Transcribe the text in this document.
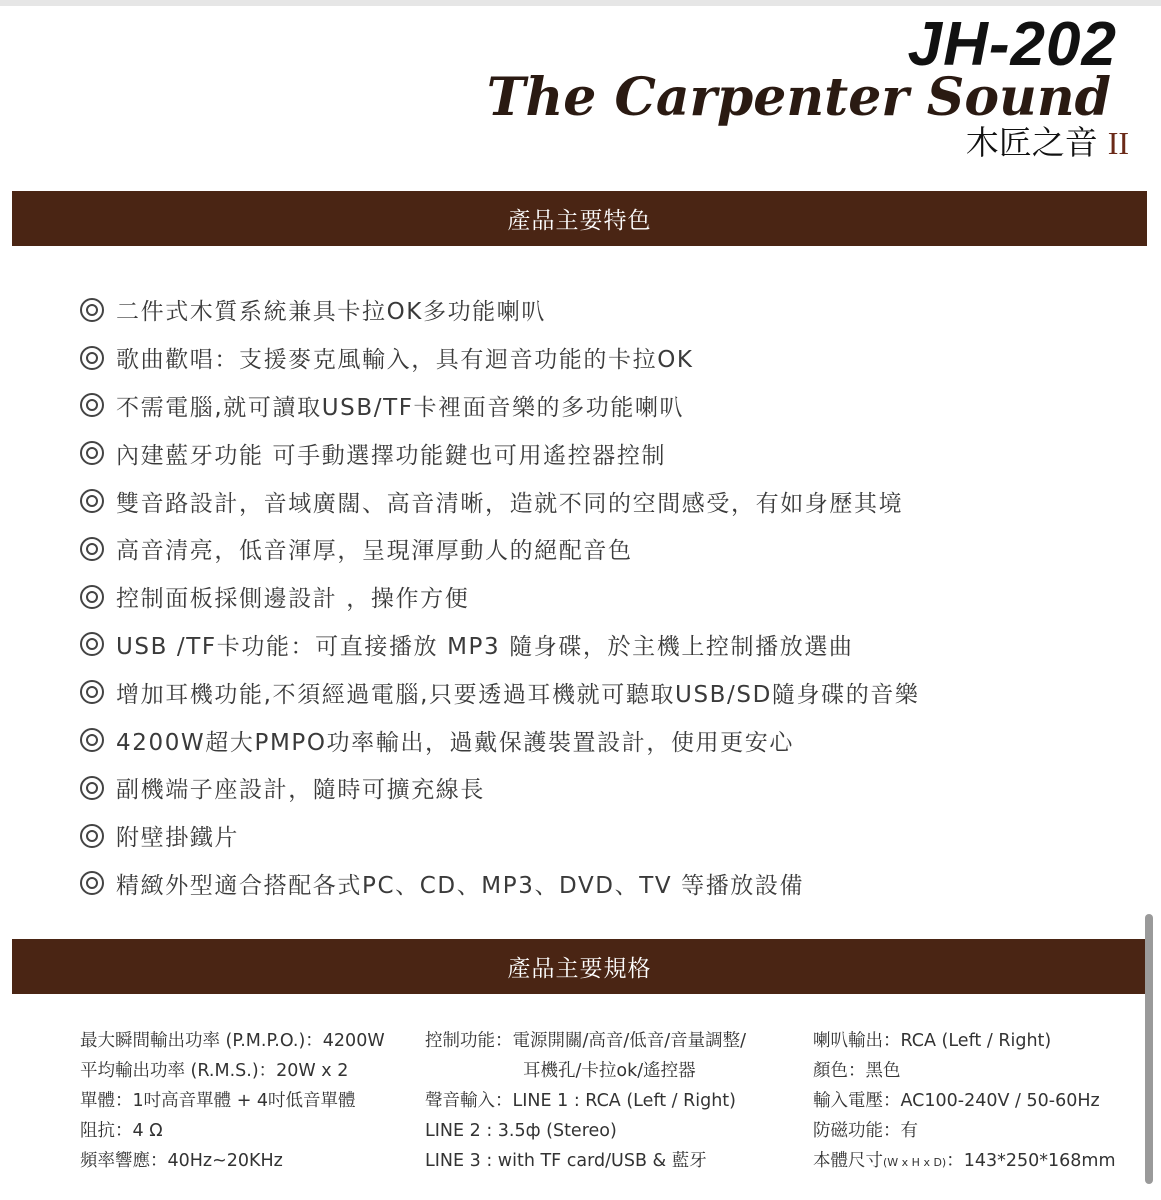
JH-202
The Carpenter Sound
木匠之音 II
產品主要特色
二件式木質系統兼具卡拉OK多功能喇叭
歌曲歡唱：支援麥克風輸入，具有迴音功能的卡拉OK
不需電腦,就可讀取USB/TF卡裡面音樂的多功能喇叭
內建藍牙功能 可手動選擇功能鍵也可用遙控器控制
雙音路設計，音域廣闊、高音清晰，造就不同的空間感受，有如身歷其境
高音清亮，低音渾厚，呈現渾厚動人的絕配音色
控制面板採側邊設計 ，操作方便
USB /TF卡功能：可直接播放 MP3 隨身碟，於主機上控制播放選曲
增加耳機功能,不須經過電腦,只要透過耳機就可聽取USB/SD隨身碟的音樂
4200W超大PMPO功率輸出，過戴保護裝置設計，使用更安心
副機端子座設計，隨時可擴充線長
附壁掛鐵片
精緻外型適合搭配各式PC、CD、MP3、DVD、TV 等播放設備
產品主要規格
最大瞬間輸出功率 (P.M.P.O.)：4200W
平均輸出功率 (R.M.S.)：20W x 2
單體：1吋高音單體 + 4吋低音單體
阻抗：4 Ω
頻率響應：40Hz~20KHz
控制功能：電源開關/高音/低音/音量調整/
耳機孔/卡拉ok/遙控器
聲音輸入：LINE 1 : RCA (Left / Right)
LINE 2 : 3.5ф (Stereo)
LINE 3 : with TF card/USB & 藍牙
喇叭輸出：RCA (Left / Right)
顏色：黑色
輸入電壓：AC100-240V / 50-60Hz
防磁功能：有
本體尺寸(W x H x D)：143*250*168mm
